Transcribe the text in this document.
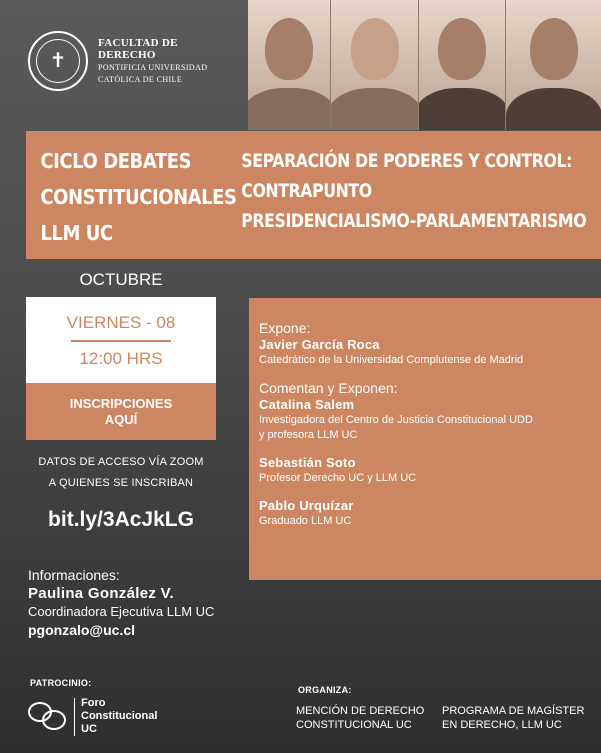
✝
FACULTAD DE DERECHO
PONTIFICIA UNIVERSIDAD
CATÓLICA DE CHILE
CICLO DEBATES
CONSTITUCIONALES
LLM UC
SEPARACIÓN DE PODERES Y CONTROL:
CONTRAPUNTO
PRESIDENCIALISMO-PARLAMENTARISMO
OCTUBRE
VIERNES - 08
12:00 HRS
INSCRIPCIONES
AQUÍ
DATOS DE ACCESO VÍA ZOOM
A QUIENES SE INSCRIBAN
bit.ly/3AcJkLG
Informaciones:
Paulina González V.
Coordinadora Ejecutiva LLM UC
pgonzalo@uc.cl
Expone:
Javier García Roca
Catedrático de la Universidad Complutense de Madrid
Comentan y Exponen:
Catalina Salem
Investigadora del Centro de Justicia Constitucional UDD
y profesora LLM UC
Sebastián Soto
Profesor Derecho UC y LLM UC
Pablo Urquízar
Graduado LLM UC
PATROCINIO:
Foro
Constitucional
UC
ORGANIZA:
MENCIÓN DE DERECHO
CONSTITUCIONAL UC
PROGRAMA DE MAGÍSTER
EN DERECHO, LLM UC
